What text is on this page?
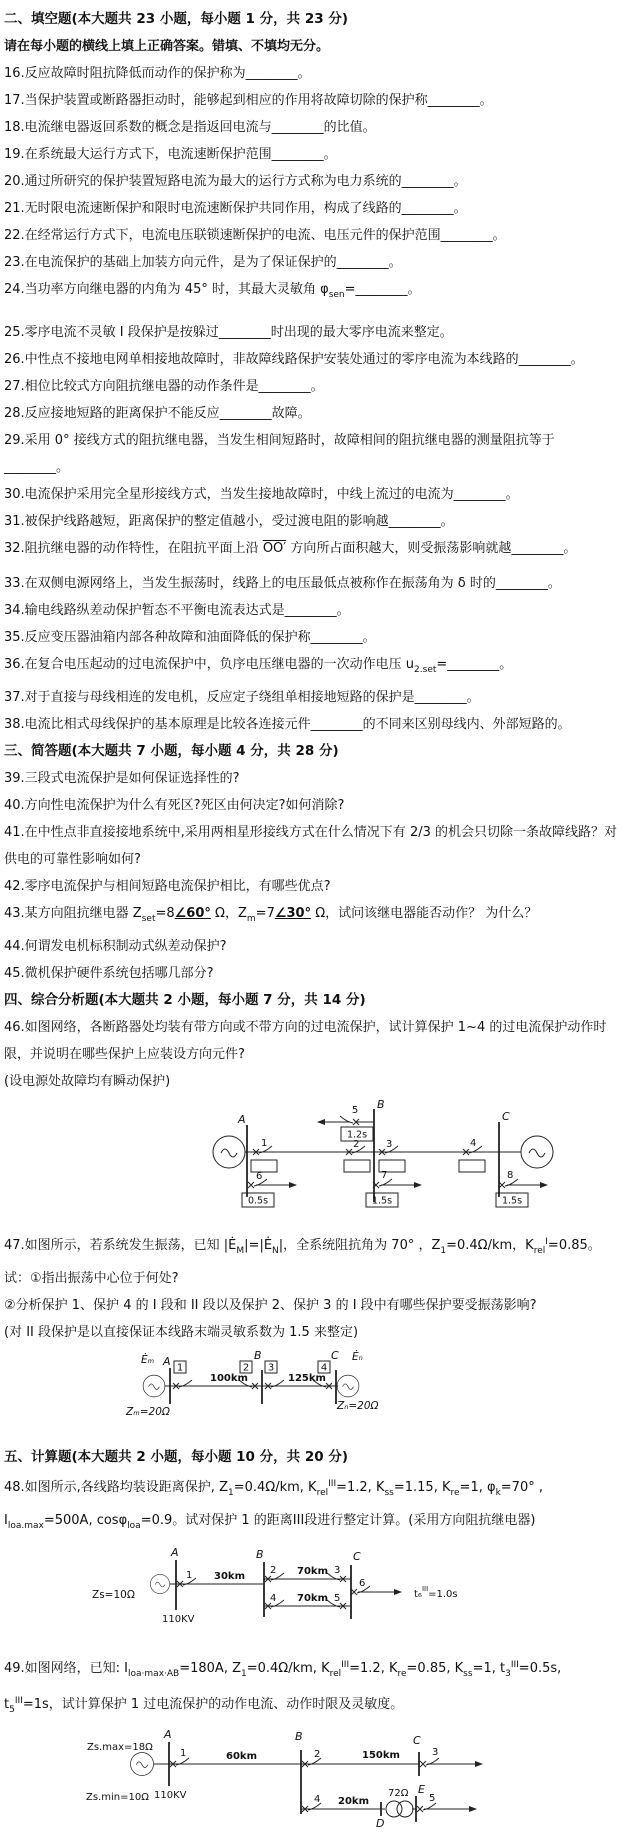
二、填空题(本大题共 23 小题，每小题 1 分，共 23 分)

请在每小题的横线上填上正确答案。错填、不填均无分。

16.反应故障时阻抗降低而动作的保护称为________。

17.当保护装置或断路器拒动时，能够起到相应的作用将故障切除的保护称________。

18.电流继电器返回系数的概念是指返回电流与________的比值。

19.在系统最大运行方式下，电流速断保护范围________。

20.通过所研究的保护装置短路电流为最大的运行方式称为电力系统的________。

21.无时限电流速断保护和限时电流速断保护共同作用，构成了线路的________。

22.在经常运行方式下，电流电压联锁速断保护的电流、电压元件的保护范围________。

23.在电流保护的基础上加装方向元件，是为了保证保护的________。

24.当功率方向继电器的内角为 45° 时，其最大灵敏角 $\varphi_{sen}=\_\_\_\_\_\_\_\_$。

25.零序电流不灵敏 I 段保护是按躲过________时出现的最大零序电流来整定。

26.中性点不接地电网单相接地故障时，非故障线路保护安装处通过的零序电流为本线路的________。

27.相位比较式方向阻抗继电器的动作条件是________。

28.反应接地短路的距离保护不能反应________故障。

29.采用 0° 接线方式的阻抗继电器，当发生相间短路时，故障相间的阻抗继电器的测量阻抗等于________。

30.电流保护采用完全星形接线方式，当发生接地故障时，中线上流过的电流为________。

31.被保护线路越短，距离保护的整定值越小，受过渡电阻的影响越________。

32.阻抗继电器的动作特性，在阻抗平面上沿 OO′ 方向所占面积越大，则受振荡影响就越________。

33.在双侧电源网络上，当发生振荡时，线路上的电压最低点被称作在振荡角为 δ 时的________。

34.输电线路纵差动保护暂态不平衡电流表达式是________。

35.反应变压器油箱内部各种故障和油面降低的保护称________。

36.在复合电压起动的过电流保护中，负序电压继电器的一次动作电压 $u_{2.set}=\_\_\_\_\_\_\_\_$。

37.对于直接与母线相连的发电机，反应定子绕组单相接地短路的保护是________。

38.电流比相式母线保护的基本原理是比较各连接元件________的不同来区别母线内、外部短路的。

三、简答题(本大题共 7 小题，每小题 4 分，共 28 分)

39.三段式电流保护是如何保证选择性的?

40.方向性电流保护为什么有死区?死区由何决定?如何消除?

41.在中性点非直接接地系统中,采用两相星形接线方式在什么情况下有 2/3 的机会只切除一条故障线路？对供电的可靠性影响如何?

42.零序电流保护与相间短路电流保护相比，有哪些优点?

43.某方向阻抗继电器 $Z_{set}=8\angle 60^\circ$ Ω，$Z_m=7\angle 30^\circ$ Ω，试问该继电器能否动作？ 为什么？

44.何谓发电机标积制动式纵差动保护?

45.微机保护硬件系统包括哪几部分?

四、综合分析题(本大题共 2 小题，每小题 7 分，共 14 分)

46.如图网络，各断路器处均装有带方向或不带方向的过电流保护，试计算保护 1~4 的过电流保护动作时限，并说明在哪些保护上应装设方向元件?

(设电源处故障均有瞬动保护)

1.2s
0.5s	1.5s	1.5s
A
B
C
1	2	3	4
5
6	7	8

47.如图所示，若系统发生振荡，已知 $|Ė_M|=|Ė_N|$，全系统阻抗角为 70° ，$Z_1=0.4\Omega/km$，$K_{rel}^I=0.85$。

试：①指出振荡中心位于何处?

②分析保护 1、保护 4 的 I 段和 II 段以及保护 2、保护 3 的 I 段中有哪些保护要受振荡影响?

(对 II 段保护是以直接保证本线路末端灵敏系数为 1.5 来整定)

1	2 3	4
Ėₘ	Ėₙ
A	B	C
100km	125km
Zₘ=20Ω	Zₙ=20Ω

五、计算题(本大题共 2 小题，每小题 10 分，共 20 分)

48.如图所示,各线路均装设距离保护, $Z_1=0.4\Omega/km$, $K_{rel}^{III}=1.2$, $K_{ss}=1.15$, $K_{re}=1$, $\varphi_k=70^\circ$ , $I_{loa.max}=500A$, cosφ$_{loa}$=0.9。试对保护 1 的距离III段进行整定计算。(采用方向阻抗继电器)

Zs=10Ω
A
110KV
B	C
1	2	3
4	5
6
30km	70km
70km	t₆$^{III}$=1.0s

49.如图网络，已知: $I_{loa\cdot max\cdot AB}=180A$, $Z_1=0.4\Omega/km$, $K_{rel}^{III}=1.2$, $K_{re}=0.85$, $K_{ss}=1$, $t_3^{III}=0.5s$, $t_5^{III}=1s$，试计算保护 1 过电流保护的动作电流、动作时限及灵敏度。

Zs.max=18Ω
Zs.min=10Ω
A
110KV
B	C
D
E
1	2	3
4	5
60km	150km
20km
72Ω
